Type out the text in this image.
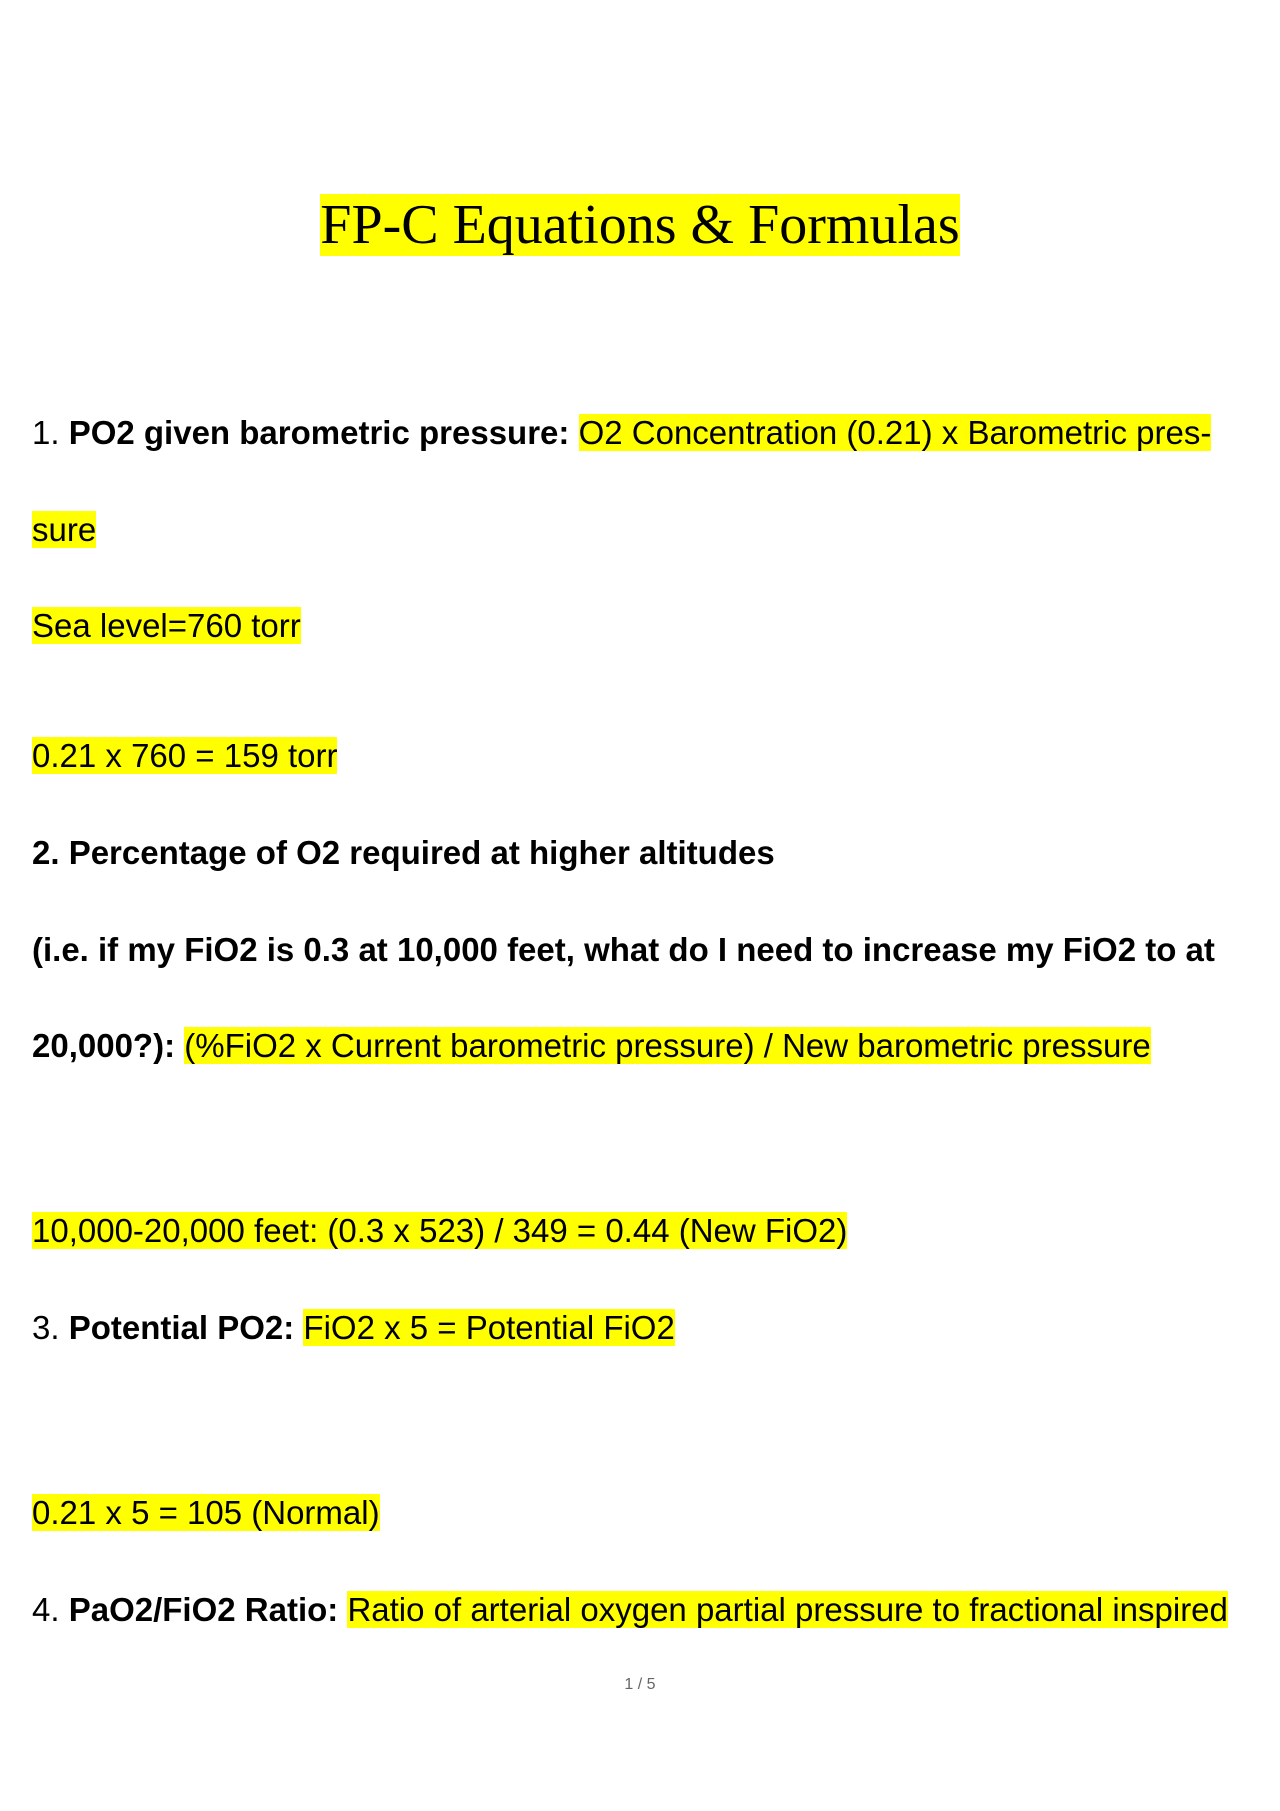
FP-C Equations & Formulas
1. PO2 given barometric pressure: O2 Concentration (0.21) x Barometric pres-
sure
Sea level=760 torr
0.21 x 760 = 159 torr
2. Percentage of O2 required at higher altitudes
(i.e. if my FiO2 is 0.3 at 10,000 feet, what do I need to increase my FiO2 to at
20,000?): (%FiO2 x Current barometric pressure) / New barometric pressure
10,000-20,000 feet: (0.3 x 523) / 349 = 0.44 (New FiO2)
3. Potential PO2: FiO2 x 5 = Potential FiO2
0.21 x 5 = 105 (Normal)
4. PaO2/FiO2 Ratio: Ratio of arterial oxygen partial pressure to fractional inspired
1 / 5
